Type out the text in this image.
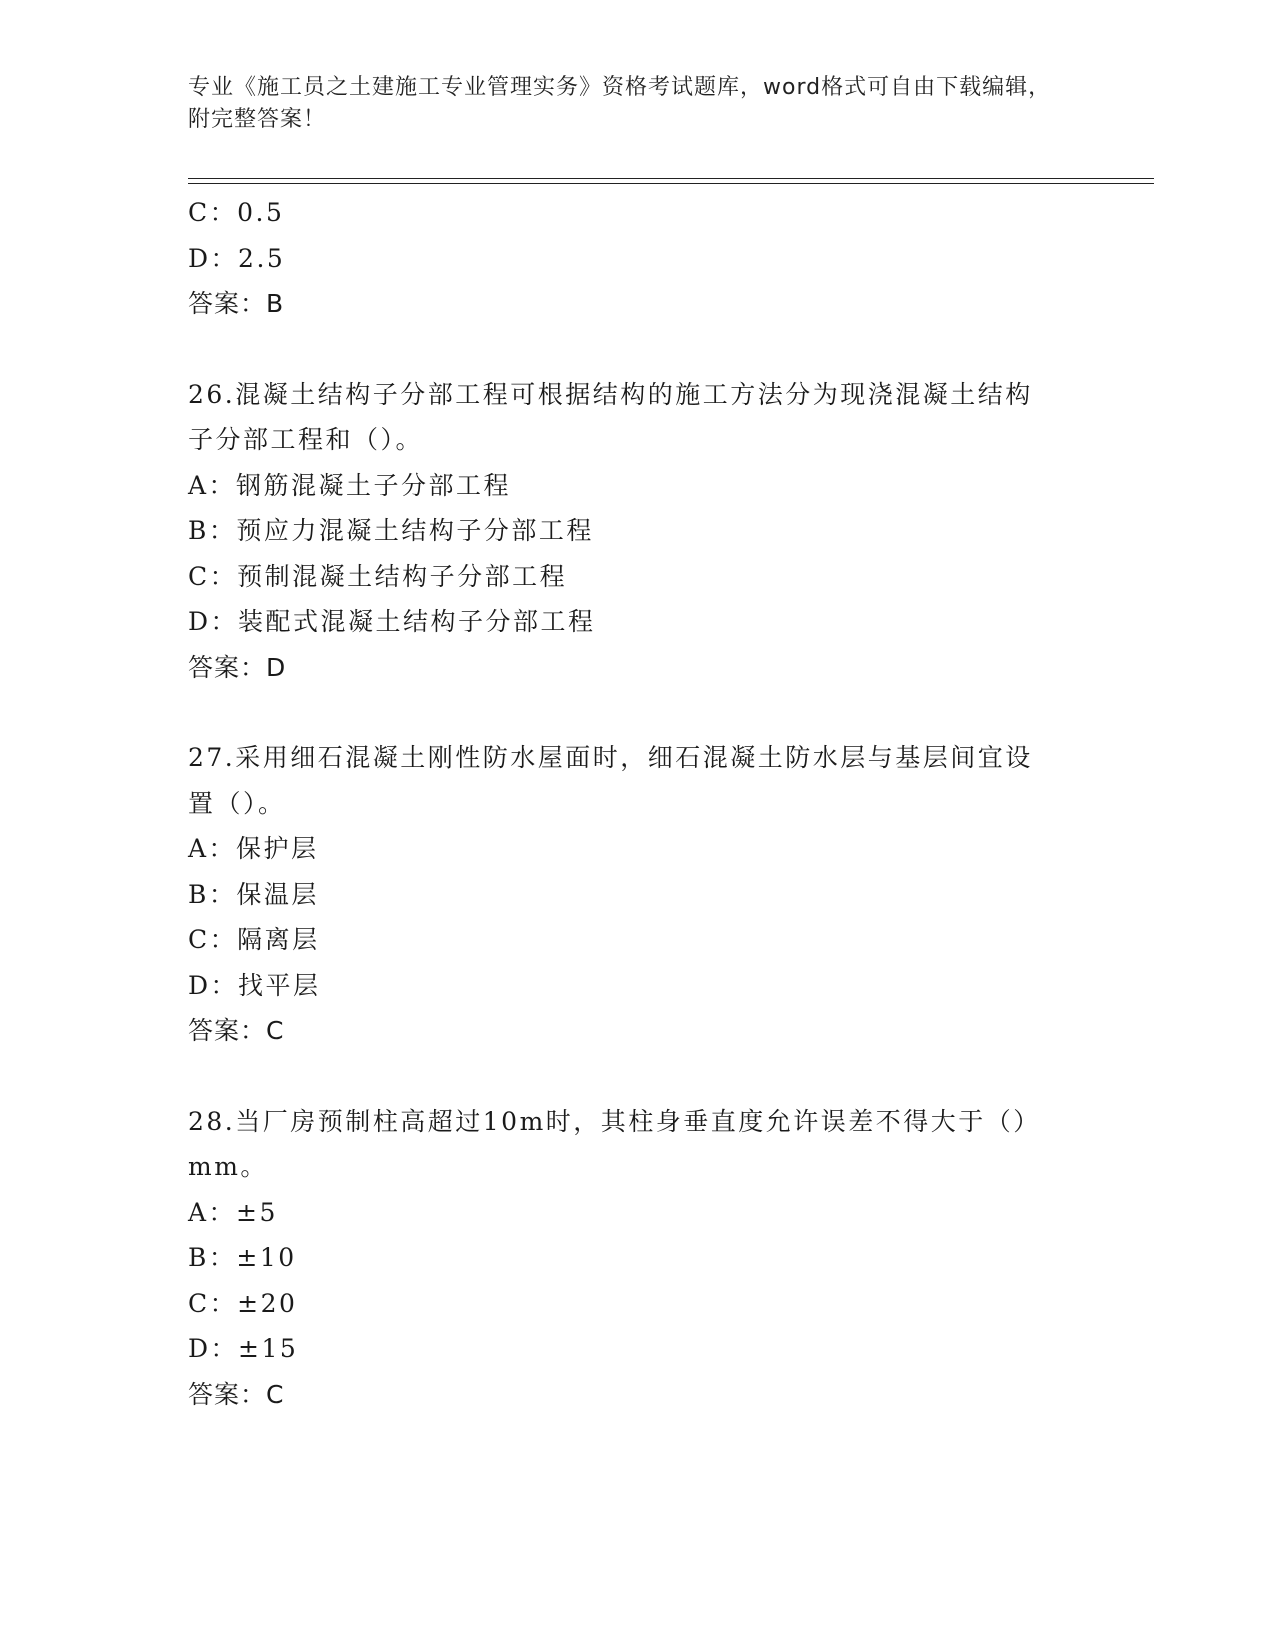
专业《施工员之土建施工专业管理实务》资格考试题库，word格式可自由下载编辑，附完整答案！
C：0.5
D：2.5
答案：B
26.混凝土结构子分部工程可根据结构的施工方法分为现浇混凝土结构
子分部工程和（）。
A：钢筋混凝土子分部工程
B：预应力混凝土结构子分部工程
C：预制混凝土结构子分部工程
D：装配式混凝土结构子分部工程
答案：D
27.采用细石混凝土刚性防水屋面时，细石混凝土防水层与基层间宜设
置（）。
A：保护层
B：保温层
C：隔离层
D：找平层
答案：C
28.当厂房预制柱高超过10m时，其柱身垂直度允许误差不得大于（）
mm。
A：±5
B：±10
C：±20
D：±15
答案：C
